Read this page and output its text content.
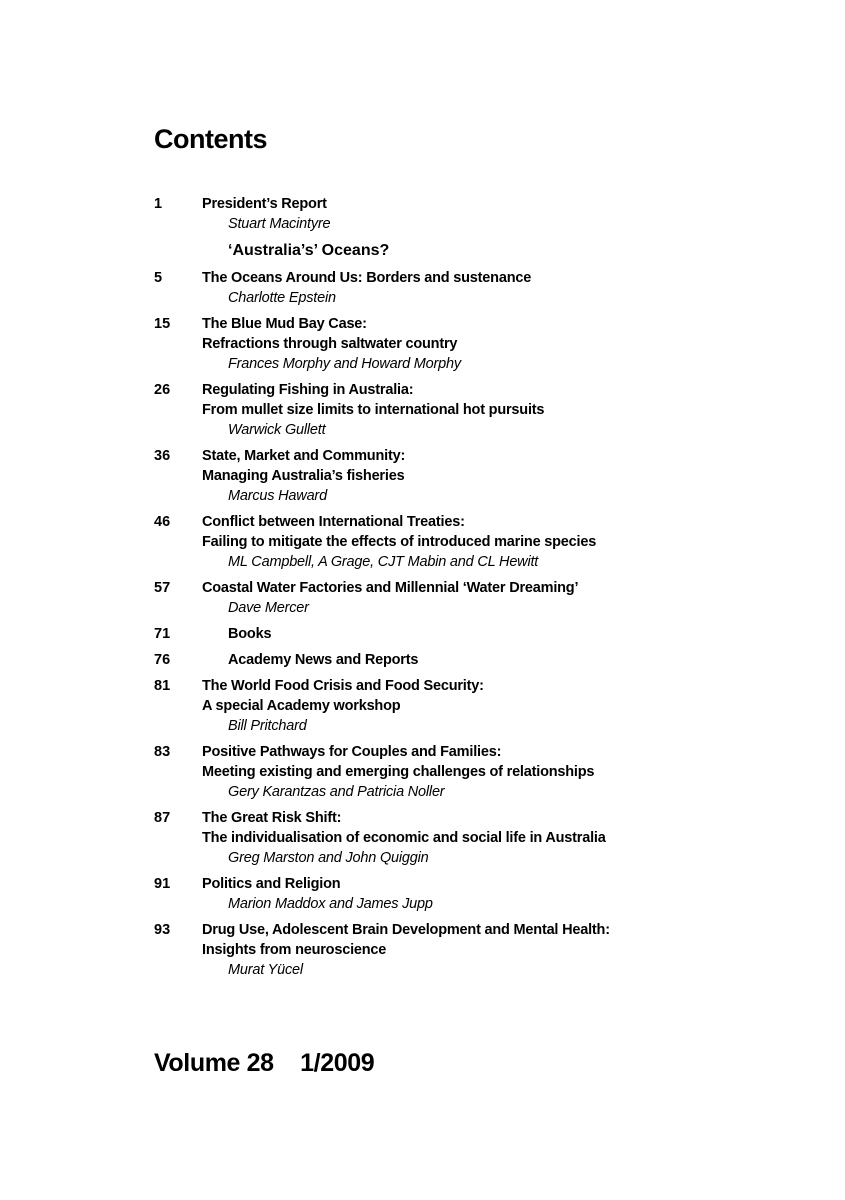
Contents
1	President’s Report
Stuart Macintyre
‘Australia’s’ Oceans?
5	The Oceans Around Us: Borders and sustenance
Charlotte Epstein
15	The Blue Mud Bay Case:
Refractions through saltwater country
Frances Morphy and Howard Morphy
26	Regulating Fishing in Australia:
From mullet size limits to international hot pursuits
Warwick Gullett
36	State, Market and Community:
Managing Australia’s fisheries
Marcus Haward
46	Conflict between International Treaties:
Failing to mitigate the effects of introduced marine species
ML Campbell, A Grage, CJT Mabin and CL Hewitt
57	Coastal Water Factories and Millennial ‘Water Dreaming’
Dave Mercer
71	Books
76	Academy News and Reports
81	The World Food Crisis and Food Security:
A special Academy workshop
Bill Pritchard
83	Positive Pathways for Couples and Families:
Meeting existing and emerging challenges of relationships
Gery Karantzas and Patricia Noller
87	The Great Risk Shift:
The individualisation of economic and social life in Australia
Greg Marston and John Quiggin
91	Politics and Religion
Marion Maddox and James Jupp
93	Drug Use, Adolescent Brain Development and Mental Health:
Insights from neuroscience
Murat Yücel
Volume 28 1/2009
